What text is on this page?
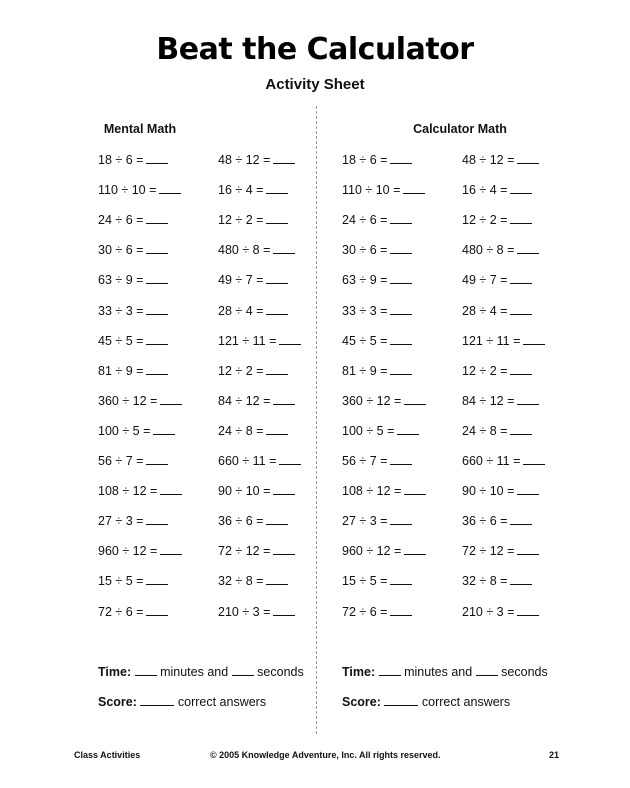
Beat the Calculator
Activity Sheet
Mental Math
18 ÷ 6 =
110 ÷ 10 =
24 ÷ 6 =
30 ÷ 6 =
63 ÷ 9 =
33 ÷ 3 =
45 ÷ 5 =
81 ÷ 9 =
360 ÷ 12 =
100 ÷ 5 =
56 ÷ 7 =
108 ÷ 12 =
27 ÷ 3 =
960 ÷ 12 =
15 ÷ 5 =
72 ÷ 6 =
48 ÷ 12 =
16 ÷ 4 =
12 ÷ 2 =
480 ÷ 8 =
49 ÷ 7 =
28 ÷ 4 =
121 ÷ 11 =
12 ÷ 2 =
84 ÷ 12 =
24 ÷ 8 =
660 ÷ 11 =
90 ÷ 10 =
36 ÷ 6 =
72 ÷ 12 =
32 ÷ 8 =
210 ÷ 3 =
Calculator Math
18 ÷ 6 =
110 ÷ 10 =
24 ÷ 6 =
30 ÷ 6 =
63 ÷ 9 =
33 ÷ 3 =
45 ÷ 5 =
81 ÷ 9 =
360 ÷ 12 =
100 ÷ 5 =
56 ÷ 7 =
108 ÷ 12 =
27 ÷ 3 =
960 ÷ 12 =
15 ÷ 5 =
72 ÷ 6 =
48 ÷ 12 =
16 ÷ 4 =
12 ÷ 2 =
480 ÷ 8 =
49 ÷ 7 =
28 ÷ 4 =
121 ÷ 11 =
12 ÷ 2 =
84 ÷ 12 =
24 ÷ 8 =
660 ÷ 11 =
90 ÷ 10 =
36 ÷ 6 =
72 ÷ 12 =
32 ÷ 8 =
210 ÷ 3 =
Time: minutes and seconds
Score:	correct answers
Time: minutes and seconds
Score:	correct answers
Class Activities	© 2005 Knowledge Adventure, Inc. All rights reserved.	21
